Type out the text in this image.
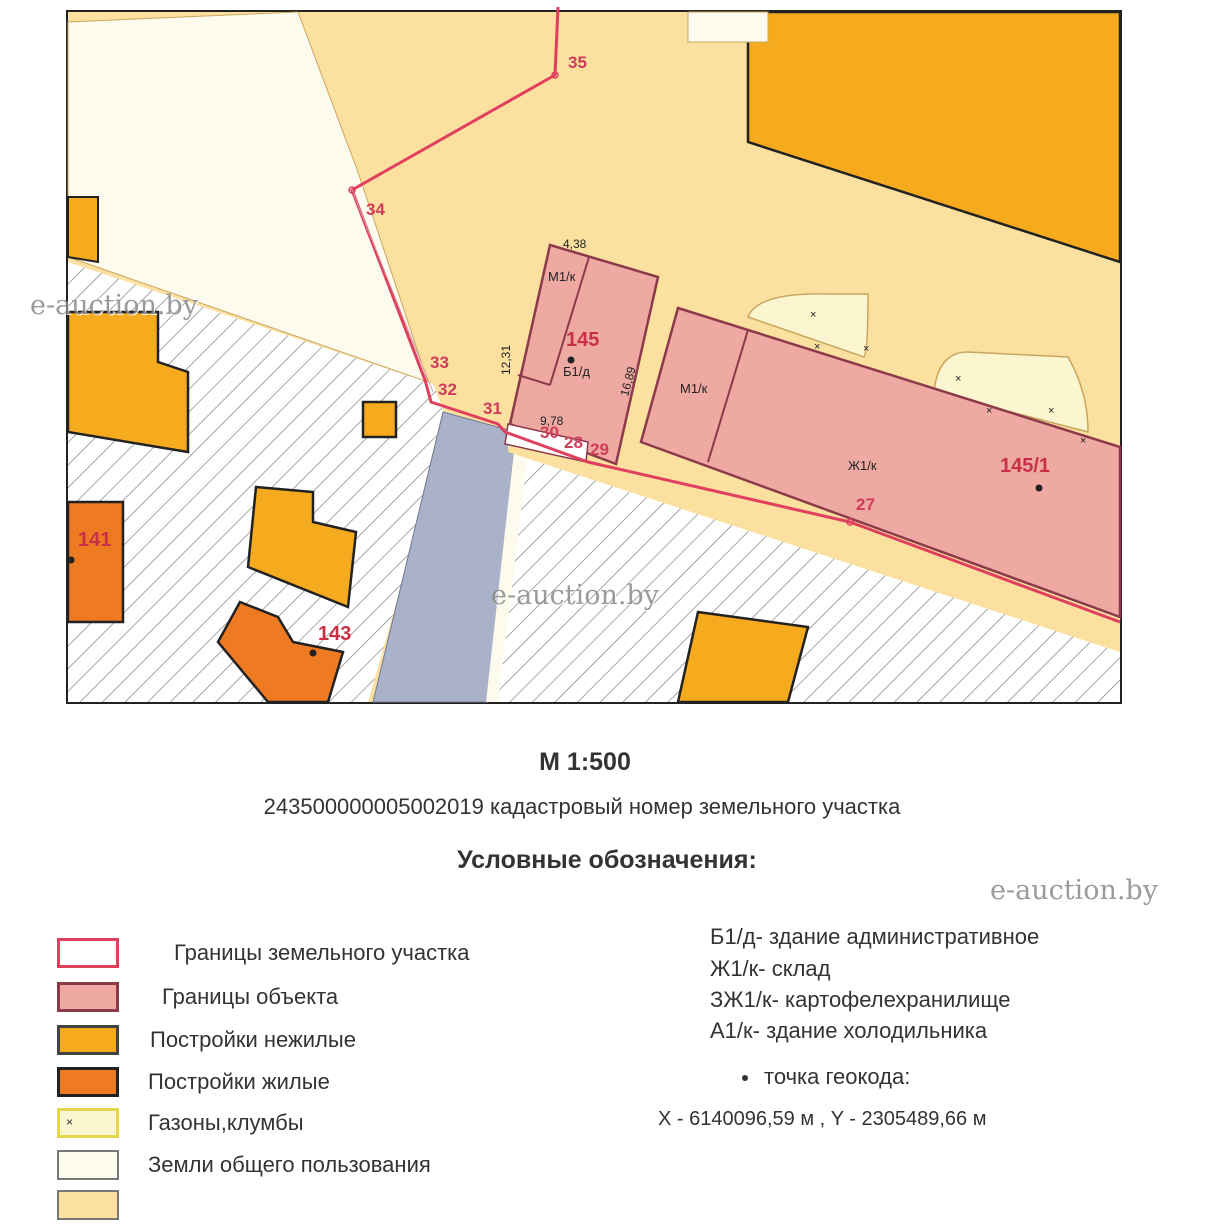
×
×	×
×
×	×
×
35
34
33
32
31
30
28 29
27
4,38
12,31
16,89
9,78
М1/к
Б1/д
М1/к
Ж1/к
145
145/1
141
143
e-auction.by
e-auction.by
М 1:500
243500000005002019 кадастровый номер земельного участка
Условные обозначения:
e-auction.by
Границы земельного участка
Границы объекта
Постройки нежилые
Постройки жилые
×	Газоны,клумбы
Земли общего пользования
Б1/д- здание административное
Ж1/к- склад
ЗЖ1/к- картофелехранилище
А1/к- здание холодильника
точка геокода:
Х - 6140096,59 м , Y - 2305489,66 м
